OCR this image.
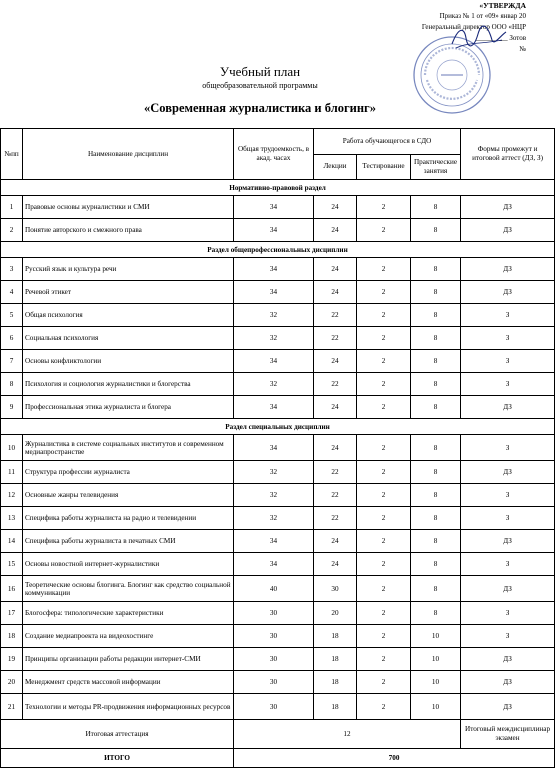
«УТВЕРЖДА
Приказ № 1 от «09» январ 20
Генеральный директор ООО «НЦР
_________ Зотов
№
Учебный план
общеобразовательной программы
«Современная журналистика и блогинг»
№пп	Наименование дисциплин	Общая трудоемкость, в акад. часах	Работа обучающегося в СДО			Формы промежут и итоговой аттест (ДЗ, З)
			Лекции	Тестирование	Практические занятия	
Нормативно-правовой раздел						
1	Правовые основы журналистики и СМИ	34	24	2	8	ДЗ
2	Понятие авторского и смежного права	34	24	2	8	ДЗ
Раздел общепрофессиональных дисциплин						
3	Русский язык и культура речи	34	24	2	8	ДЗ
4	Речевой этикет	34	24	2	8	ДЗ
5	Общая психология	32	22	2	8	З
6	Социальная психология	32	22	2	8	З
7	Основы конфликтологии	34	24	2	8	З
8	Психология и социология журналистики и блогерства	32	22	2	8	З
9	Профессиональная этика журналиста и блогера	34	24	2	8	ДЗ
Раздел специальных дисциплин						
10	Журналистика в системе социальных институтов и современном медиапространстве	34	24	2	8	З
11	Структура профессии журналиста	32	22	2	8	ДЗ
12	Основные жанры телевидения	32	22	2	8	З
13	Специфика работы журналиста на радио и телевидении	32	22	2	8	З
14	Специфика работы журналиста в печатных СМИ	34	24	2	8	ДЗ
15	Основы новостной интернет-журналистики	34	24	2	8	З
16	Теоретические основы блогинга. Блогинг как средство социальной коммуникации	40	30	2	8	ДЗ
17	Блогосфера: типологические характеристики	30	20	2	8	З
18	Создание медиапроекта на видеохостинге	30	18	2	10	З
19	Принципы организации работы редакции интернет-СМИ	30	18	2	10	ДЗ
20	Менеджмент средств массовой информации	30	18	2	10	ДЗ
21	Технологии и методы PR-продвижения информационных ресурсов	30	18	2	10	ДЗ
Итоговая аттестация		12				Итоговый междисциплинар экзамен
ИТОГО		700				
